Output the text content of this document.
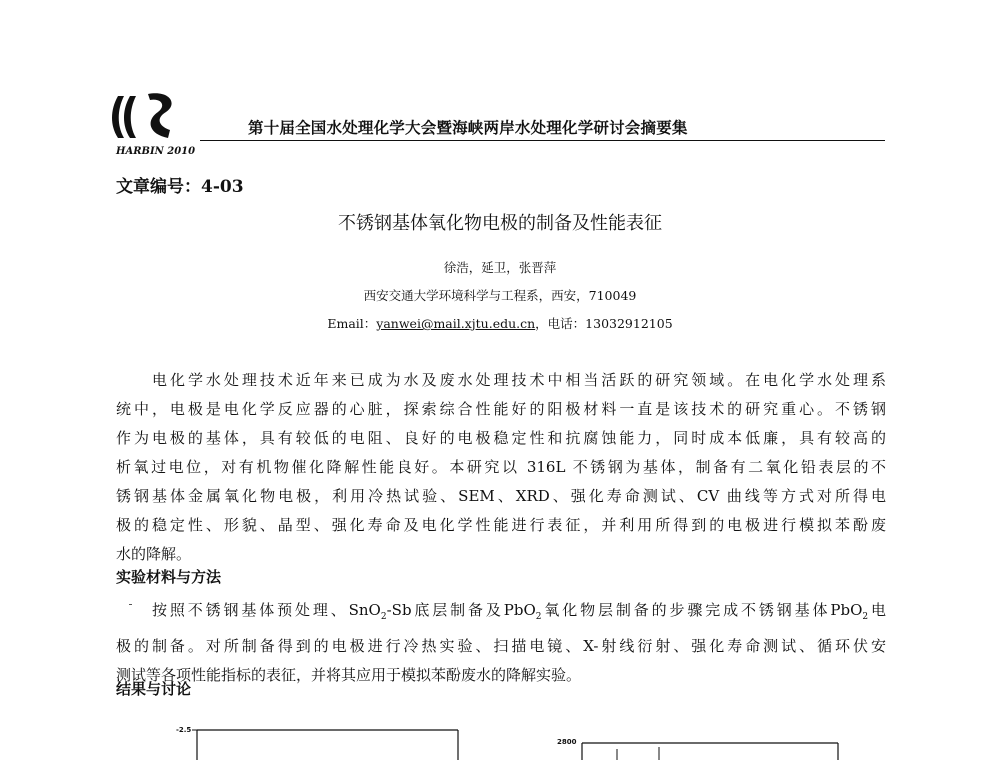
HARBIN 2010
第十届全国水处理化学大会暨海峡两岸水处理化学研讨会摘要集
文章编号：4-03
不锈钢基体氧化物电极的制备及性能表征
徐浩，延卫，张晋萍
西安交通大学环境科学与工程系，西安，710049
Email：yanwei@mail.xjtu.edu.cn，电话：13032912105
电化学水处理技术近年来已成为水及废水处理技术中相当活跃的研究领域。在电化学水处理系
统中，电极是电化学反应器的心脏，探索综合性能好的阳极材料一直是该技术的研究重心。不锈钢
作为电极的基体，具有较低的电阻、良好的电极稳定性和抗腐蚀能力，同时成本低廉，具有较高的
析氧过电位，对有机物催化降解性能良好。本研究以 316L 不锈钢为基体，制备有二氧化铅表层的不
锈钢基体金属氧化物电极，利用冷热试验、SEM、XRD、强化寿命测试、CV 曲线等方式对所得电
极的稳定性、形貌、晶型、强化寿命及电化学性能进行表征，并利用所得到的电极进行模拟苯酚废
水的降解。
实验材料与方法
按照不锈钢基体预处理、SnO$_2$-Sb底层制备及PbO$_2$氧化物层制备的步骤完成不锈钢基体PbO$_2$电
极的制备。对所制备得到的电极进行冷热实验、扫描电镜、X-射线衍射、强化寿命测试、循环伏安
测试等各项性能指标的表征，并将其应用于模拟苯酚废水的降解实验。
结果与讨论
-2.5
2800
